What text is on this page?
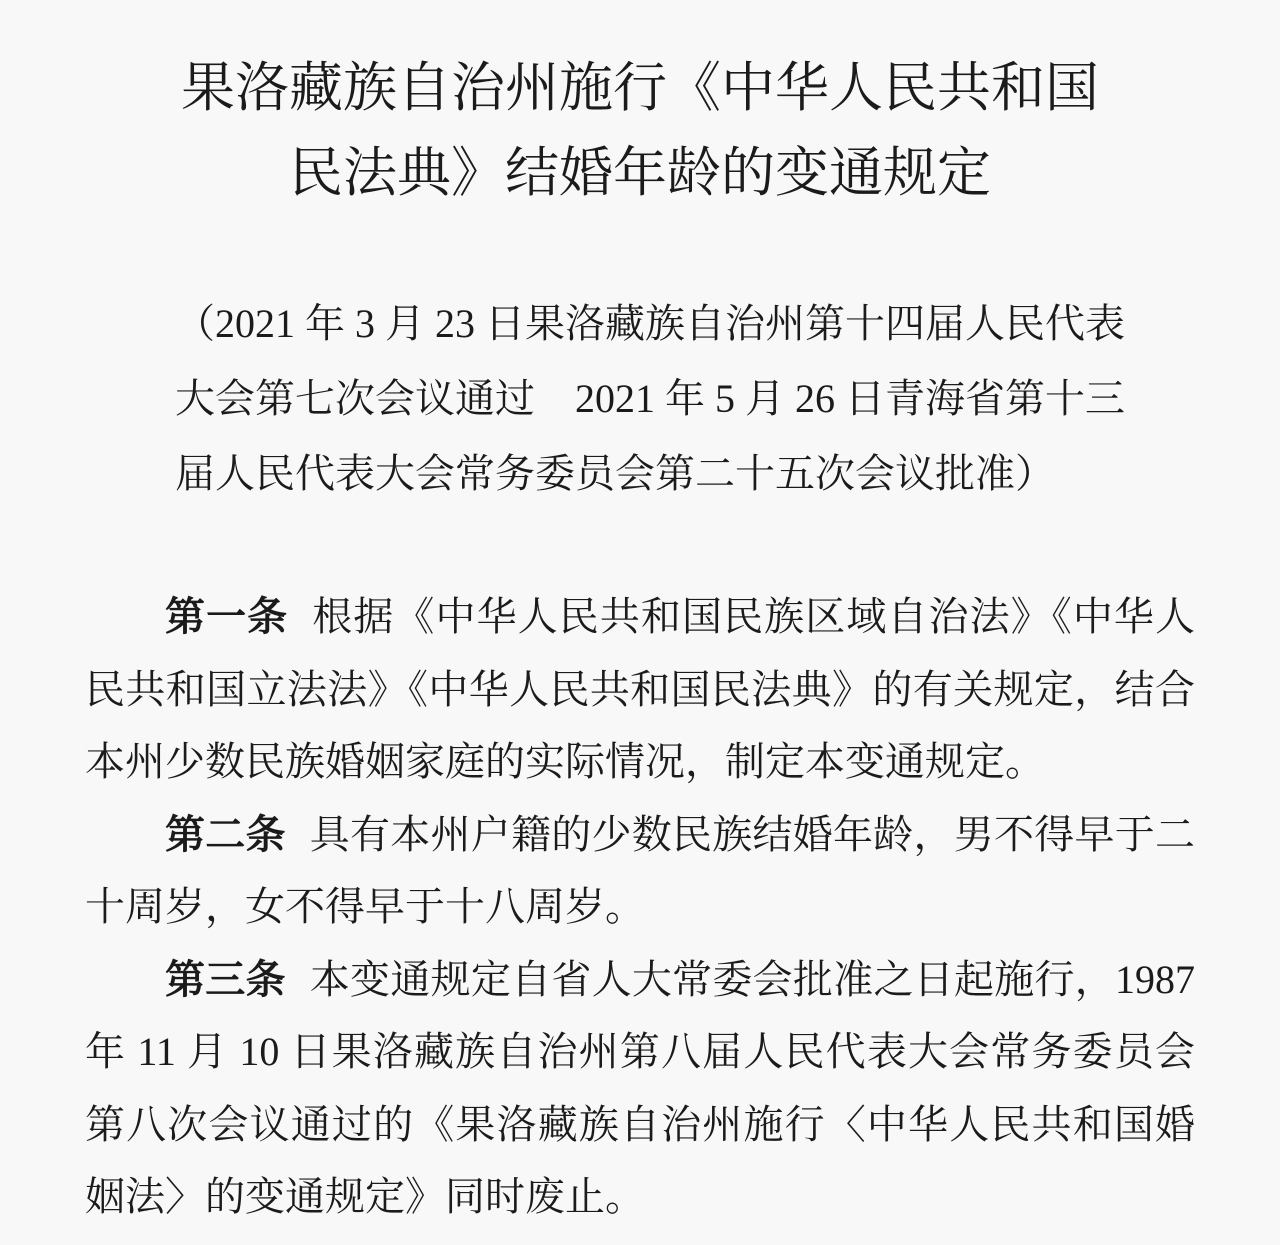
果洛藏族自治州施行《中华人民共和国
民法典》结婚年龄的变通规定
（2021 年 3 月 23 日果洛藏族自治州第十四届人民代表
大会第七次会议通过　2021 年 5 月 26 日青海省第十三
届人民代表大会常务委员会第二十五次会议批准）

第一条 根据《中华人民共和国民族区域自治法》《中华人民共和国立法法》《中华人民共和国民法典》的有关规定，结合本州少数民族婚姻家庭的实际情况，制定本变通规定。

第二条 具有本州户籍的少数民族结婚年龄，男不得早于二十周岁，女不得早于十八周岁。

第三条 本变通规定自省人大常委会批准之日起施行，1987 年 11 月 10 日果洛藏族自治州第八届人民代表大会常务委员会第八次会议通过的《果洛藏族自治州施行〈中华人民共和国婚姻法〉的变通规定》同时废止。
